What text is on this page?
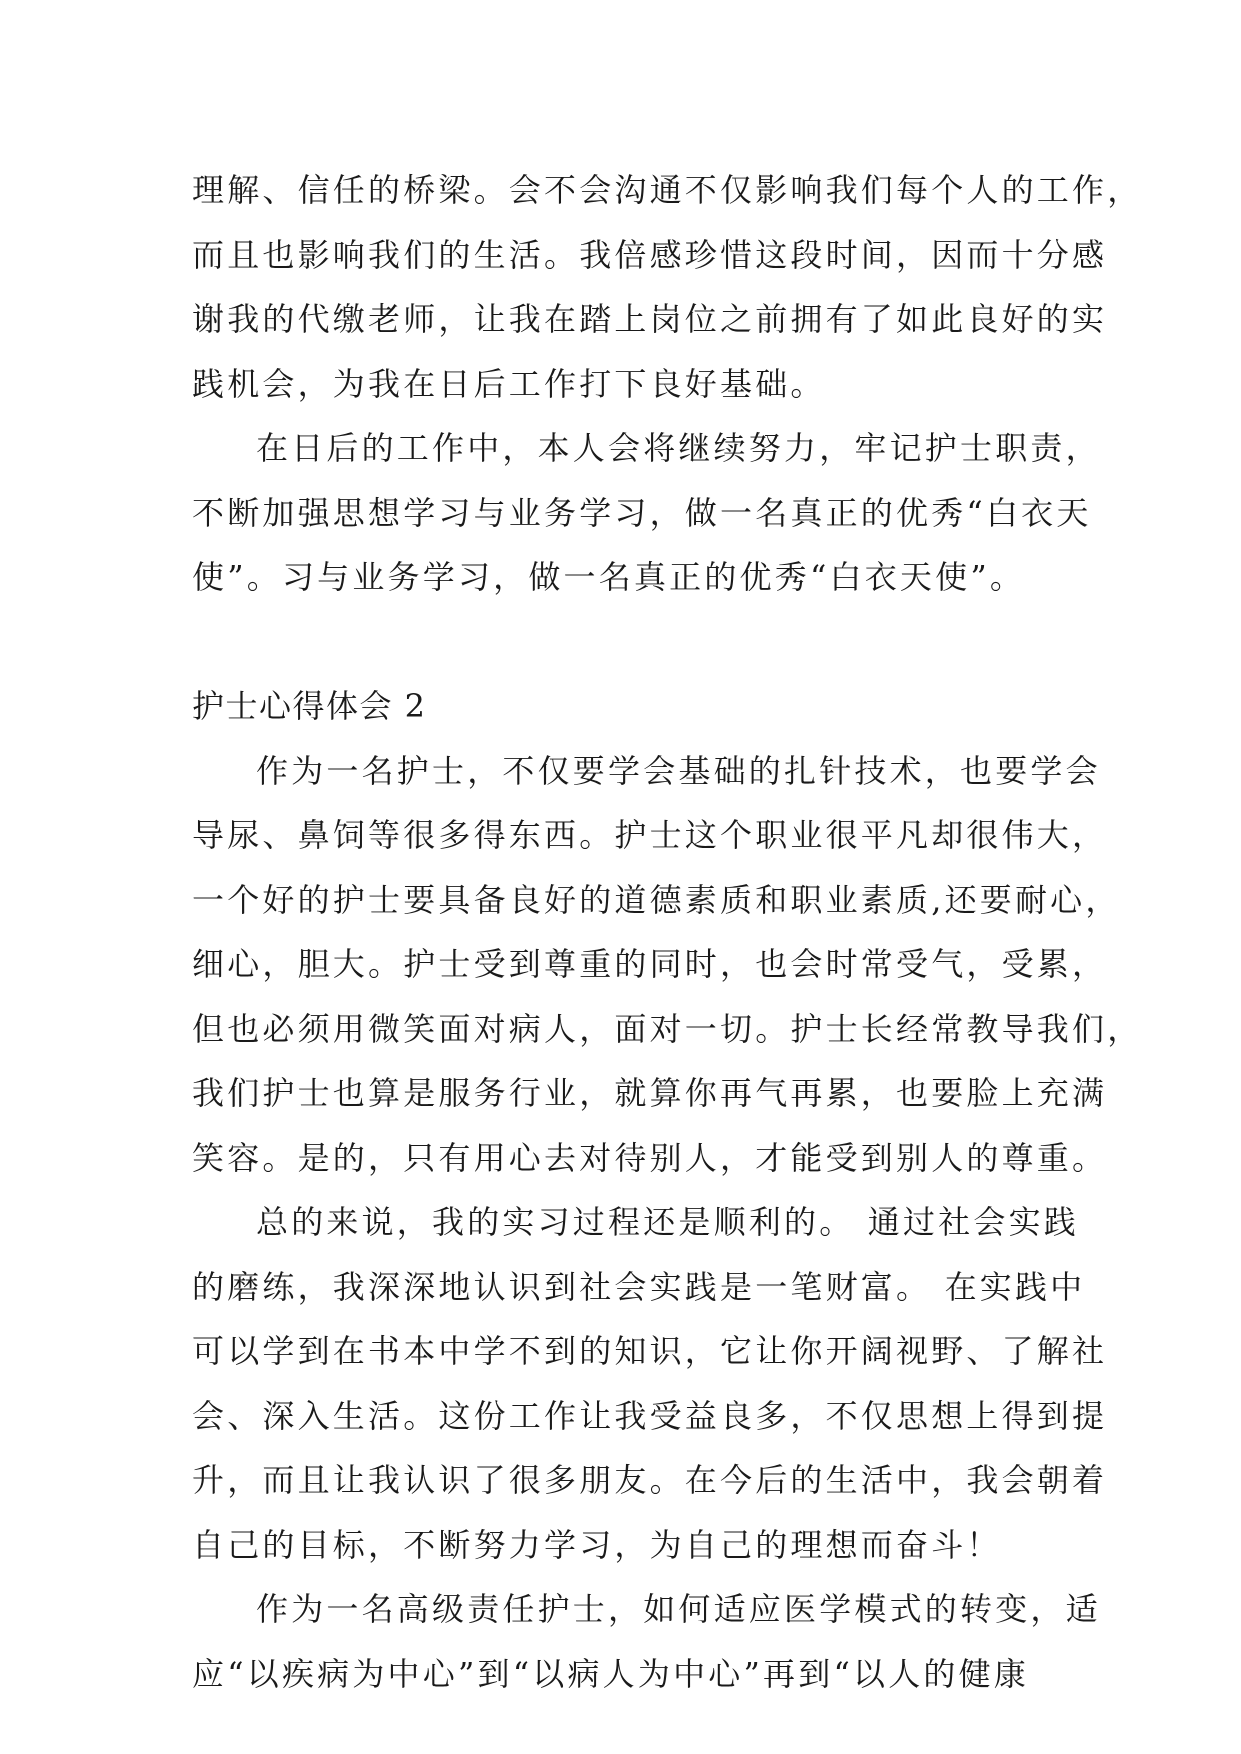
理解、信任的桥梁。会不会沟通不仅影响我们每个人的工作，
而且也影响我们的生活。我倍感珍惜这段时间，因而十分感
谢我的代缴老师，让我在踏上岗位之前拥有了如此良好的实
践机会，为我在日后工作打下良好基础。
在日后的工作中，本人会将继续努力，牢记护士职责，
不断加强思想学习与业务学习，做一名真正的优秀“白衣天
使”。习与业务学习，做一名真正的优秀“白衣天使”。
护士心得体会 2
作为一名护士，不仅要学会基础的扎针技术，也要学会
导尿、鼻饲等很多得东西。护士这个职业很平凡却很伟大，
一个好的护士要具备良好的道德素质和职业素质,还要耐心，
细心，胆大。护士受到尊重的同时，也会时常受气，受累，
但也必须用微笑面对病人，面对一切。护士长经常教导我们，
我们护士也算是服务行业，就算你再气再累，也要脸上充满
笑容。是的，只有用心去对待别人，才能受到别人的尊重。
总的来说，我的实习过程还是顺利的。 通过社会实践
的磨练，我深深地认识到社会实践是一笔财富。 在实践中
可以学到在书本中学不到的知识，它让你开阔视野、了解社
会、深入生活。这份工作让我受益良多，不仅思想上得到提
升，而且让我认识了很多朋友。在今后的生活中，我会朝着
自己的目标，不断努力学习，为自己的理想而奋斗！
作为一名高级责任护士，如何适应医学模式的转变，适
应“以疾病为中心”到“以病人为中心”再到“以人的健康
